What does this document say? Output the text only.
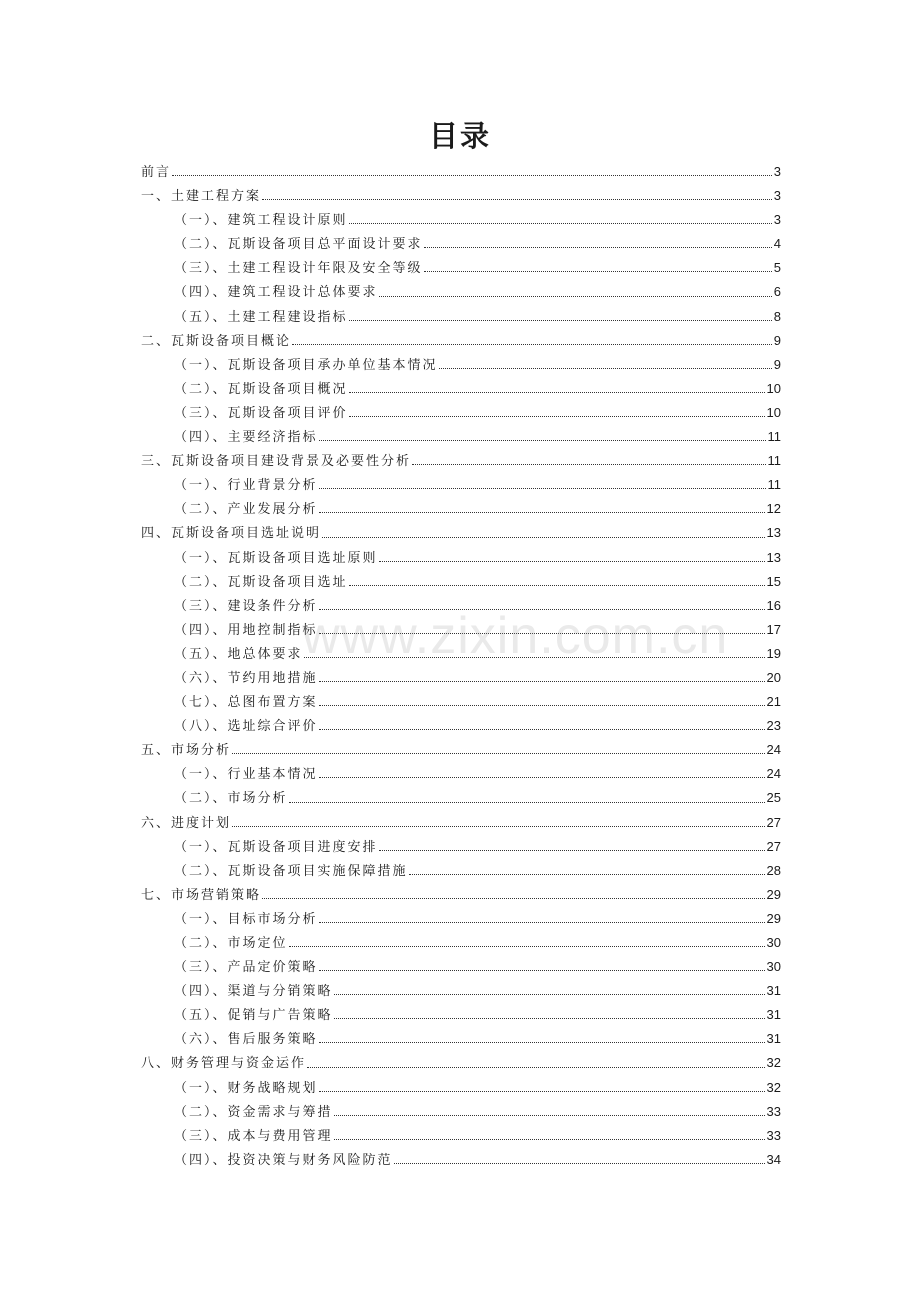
目录
前言	3
一、土建工程方案	3
（一）、建筑工程设计原则	3
（二）、瓦斯设备项目总平面设计要求	4
（三）、土建工程设计年限及安全等级	5
（四）、建筑工程设计总体要求	6
（五）、土建工程建设指标	8
二、瓦斯设备项目概论	9
（一）、瓦斯设备项目承办单位基本情况	9
（二）、瓦斯设备项目概况	10
（三）、瓦斯设备项目评价	10
（四）、主要经济指标	11
三、瓦斯设备项目建设背景及必要性分析	11
（一）、行业背景分析	11
（二）、产业发展分析	12
四、瓦斯设备项目选址说明	13
（一）、瓦斯设备项目选址原则	13
（二）、瓦斯设备项目选址	15
（三）、建设条件分析	16
（四）、用地控制指标	17
（五）、地总体要求	19
（六）、节约用地措施	20
（七）、总图布置方案	21
（八）、选址综合评价	23
五、市场分析	24
（一）、行业基本情况	24
（二）、市场分析	25
六、进度计划	27
（一）、瓦斯设备项目进度安排	27
（二）、瓦斯设备项目实施保障措施	28
七、市场营销策略	29
（一）、目标市场分析	29
（二）、市场定位	30
（三）、产品定价策略	30
（四）、渠道与分销策略	31
（五）、促销与广告策略	31
（六）、售后服务策略	31
八、财务管理与资金运作	32
（一）、财务战略规划	32
（二）、资金需求与筹措	33
（三）、成本与费用管理	33
（四）、投资决策与财务风险防范	34
www.zixin.com.cn
